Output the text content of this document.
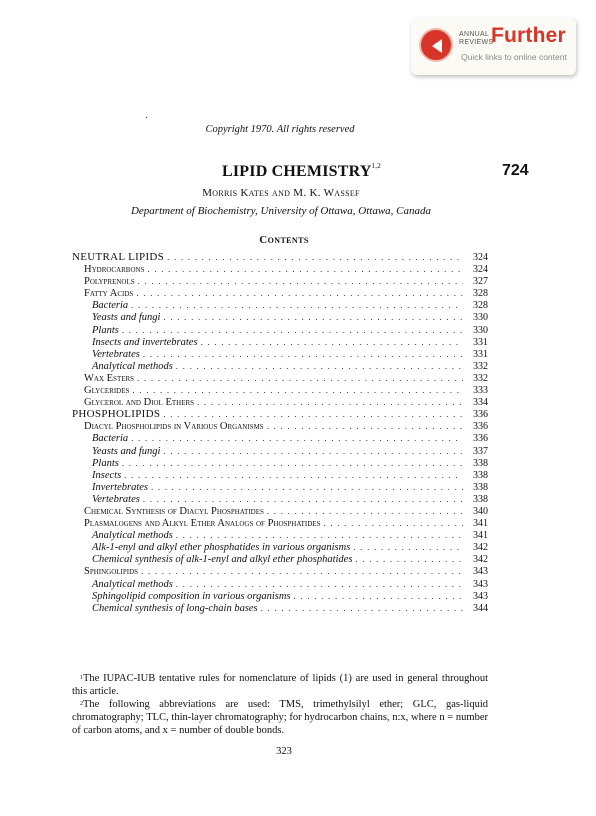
ANNUAL
REVIEWS
Further
Quick links to online content
·
Copyright 1970. All rights reserved
LIPID CHEMISTRY$^{1,2}$	724
Morris Kates and M. K. Wassef
Department of Biochemistry, University of Ottawa, Ottawa, Canada
Contents
NEUTRAL LIPIDS . . .	324
Hydrocarbons . . .	324
Polyprenols . . .	327
Fatty Acids . . .	328
Bacteria . . .	328
Yeasts and fungi . . .	330
Plants . . .	330
Insects and invertebrates . . .	331
Vertebrates . . .	331
Analytical methods . . .	332
Wax Esters . . .	332
Glycerides . . .	333
Glycerol and Diol Ethers . . .	334
PHOSPHOLIPIDS . . .	336
Diacyl Phospholipids in Various Organisms . . .	336
Bacteria . . .	336
Yeasts and fungi . . .	337
Plants . . .	338
Insects . . .	338
Invertebrates . . .	338
Vertebrates . . .	338
Chemical Synthesis of Diacyl Phosphatides . . .	340
Plasmalogens and Alkyl Ether Analogs of Phosphatides . . .	341
Analytical methods . . .	341
Alk-1-enyl and alkyl ether phosphatides in various organisms . . .	342
Chemical synthesis of alk-1-enyl and alkyl ether phosphatides . . .	342
Sphingolipids . . .	343
Analytical methods . . .	343
Sphingolipid composition in various organisms . . .	343
Chemical synthesis of long-chain bases . . .	344

$^1$The IUPAC-IUB tentative rules for nomenclature of lipids (1) are used in general throughout this article.

$^2$The following abbreviations are used: TMS, trimethylsilyl ether; GLC, gas-liquid chromatography; TLC, thin-layer chromatography; for hydrocarbon chains, n:x, where n = number of carbon atoms, and x = number of double bonds.

323
